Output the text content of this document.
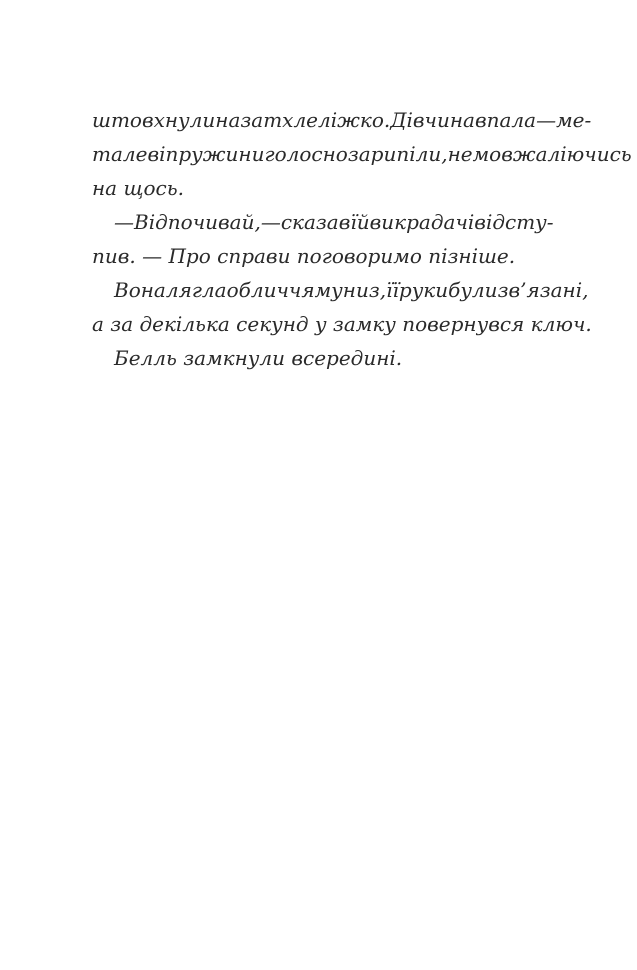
штовхнули на затхле ліжко. Дівчина впала — ме-
талеві пружини голосно зарипіли, немов жаліючись
на щось.
— Відпочивай, — сказав їй викрадач і відсту-
пив. — Про справи поговоримо пізніше.
Вона лягла обличчям униз, її руки були зв’язані,
а за декілька секунд у замку повернувся ключ.
Белль замкнули всередині.
